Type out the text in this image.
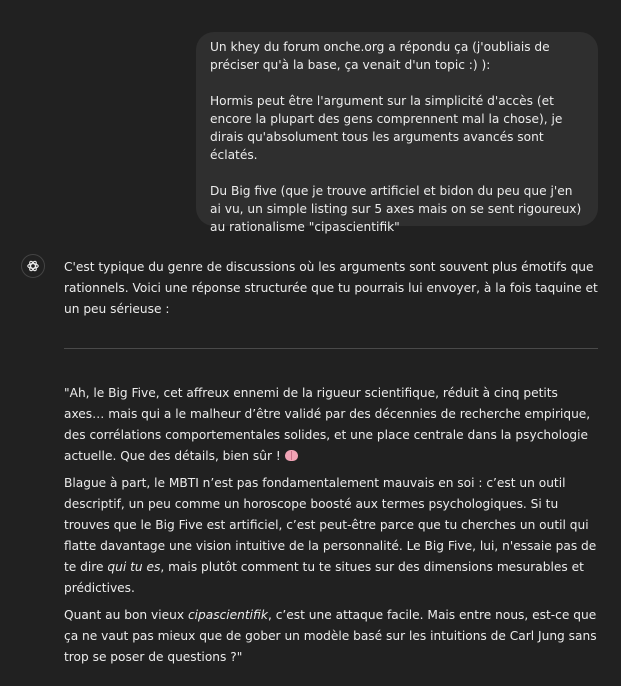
Un khey du forum onche.org a répondu ça (j'oubliais de préciser qu'à la base, ça venait d'un topic :) ):

Hormis peut être l'argument sur la simplicité d'accès (et encore la plupart des gens comprennent mal la chose), je dirais qu'absolument tous les arguments avancés sont éclatés.

Du Big five (que je trouve artificiel et bidon du peu que j'en ai vu, un simple listing sur 5 axes mais on se sent rigoureux) au rationalisme "cipascientifik"

C'est typique du genre de discussions où les arguments sont souvent plus émotifs que rationnels. Voici une réponse structurée que tu pourrais lui envoyer, à la fois taquine et un peu sérieuse :

"Ah, le Big Five, cet affreux ennemi de la rigueur scientifique, réduit à cinq petits axes… mais qui a le malheur d’être validé par des décennies de recherche empirique, des corrélations comportementales solides, et une place centrale dans la psychologie actuelle. Que des détails, bien sûr !

Blague à part, le MBTI n’est pas fondamentalement mauvais en soi : c’est un outil descriptif, un peu comme un horoscope boosté aux termes psychologiques. Si tu trouves que le Big Five est artificiel, c’est peut-être parce que tu cherches un outil qui flatte davantage une vision intuitive de la personnalité. Le Big Five, lui, n'essaie pas de te dire qui tu es, mais plutôt comment tu te situes sur des dimensions mesurables et prédictives.

Quant au bon vieux cipascientifik, c’est une attaque facile. Mais entre nous, est-ce que ça ne vaut pas mieux que de gober un modèle basé sur les intuitions de Carl Jung sans trop se poser de questions ?"
